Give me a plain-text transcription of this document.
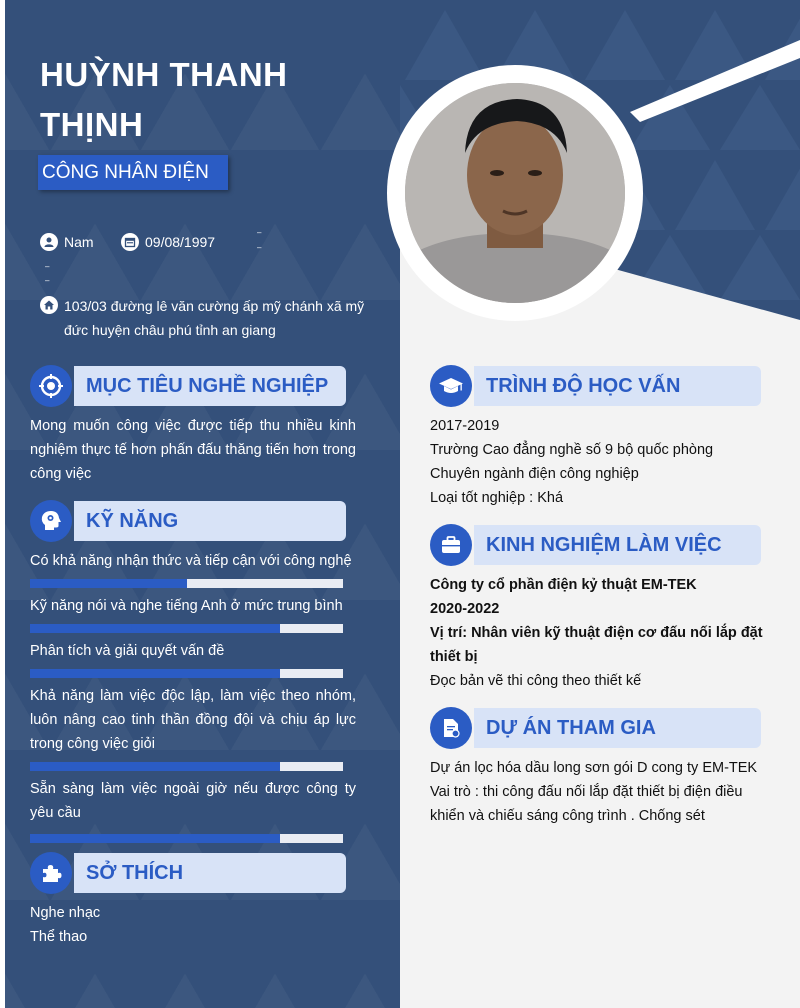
HUỲNH THANH THỊNH
CÔNG NHÂN ĐIỆN
Nam	09/08/1997
–
–
–
–
103/03 đường lê văn cường ấp mỹ chánh xã mỹ đức huyện châu phú tỉnh an giang
MỤC TIÊU NGHỀ NGHIỆP
Mong muốn công việc được tiếp thu nhiều kinh nghiệm thực tế hơn phấn đấu thăng tiến hơn trong công việc
KỸ NĂNG
Có khả năng nhận thức và tiếp cận với công nghệ
Kỹ năng nói và nghe tiếng Anh ở mức trung bình
Phân tích và giải quyết vấn đề
Khả năng làm việc độc lập, làm việc theo nhóm, luôn nâng cao tinh thần đồng đội và chịu áp lực trong công việc giỏi
Sẵn sàng làm việc ngoài giờ nếu được công ty yêu cầu
SỞ THÍCH
Nghe nhạc
Thể thao
TRÌNH ĐỘ HỌC VẤN
2017-2019
Trường Cao đẳng nghề số 9 bộ quốc phòng
Chuyên ngành điện công nghiệp
Loại tốt nghiệp : Khá
KINH NGHIỆM LÀM VIỆC
Công ty cổ phần điện kỷ thuật EM-TEK
2020-2022
Vị trí: Nhân viên kỹ thuật điện cơ đấu nối lắp đặt thiết bị
Đọc bản vẽ thi công theo thiết kế
DỰ ÁN THAM GIA
Dự án lọc hóa dầu long sơn gói D cong ty EM-TEK
Vai trò : thi công đấu nối lắp đặt thiết bị điện điều khiển và chiếu sáng công trình . Chống sét
